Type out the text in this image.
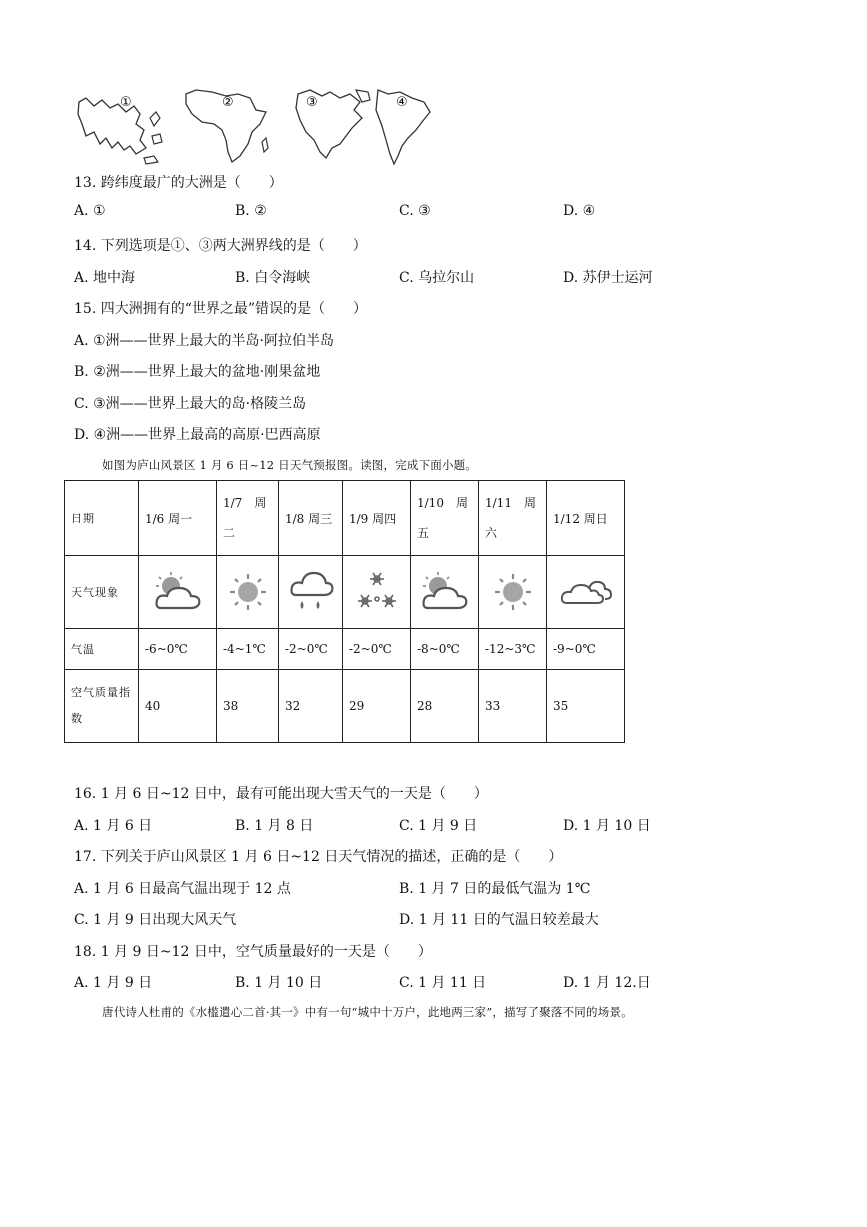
①	②	③	④
13. 跨纬度最广的大洲是（　　）
A. ①	B. ②	C. ③	D. ④
14. 下列选项是①、③两大洲界线的是（　　）
A. 地中海	B. 白令海峡	C. 乌拉尔山	D. 苏伊士运河
15. 四大洲拥有的“世界之最”错误的是（　　）
A. ①洲——世界上最大的半岛·阿拉伯半岛
B. ②洲——世界上最大的盆地·刚果盆地
C. ③洲——世界上最大的岛·格陵兰岛
D. ④洲——世界上最高的高原·巴西高原
如图为庐山风景区 1 月 6 日~12 日天气预报图。读图，完成下面小题。
日期	1/6 周一	1/7　周二	1/8 周三	1/9 周四	1/10　周五	1/11　周六	1/12 周日
天气现象	

气温	-6~0℃	-4~1℃	-2~0℃	-2~0℃	-8~0℃	-12~3℃	-9~0℃
空气质量指数	40	38	32	29	28	33	35
16. 1 月 6 日~12 日中，最有可能出现大雪天气的一天是（　　）
A. 1 月 6 日	B. 1 月 8 日	C. 1 月 9 日	D. 1 月 10 日
17. 下列关于庐山风景区 1 月 6 日~12 日天气情况的描述，正确的是（　　）
A. 1 月 6 日最高气温出现于 12 点	B. 1 月 7 日的最低气温为 1℃
C. 1 月 9 日出现大风天气	D. 1 月 11 日的气温日较差最大
18. 1 月 9 日~12 日中，空气质量最好的一天是（　　）
A. 1 月 9 日	B. 1 月 10 日	C. 1 月 11 日	D. 1 月 12.日
唐代诗人杜甫的《水槛遣心二首·其一》中有一句“城中十万户，此地两三家”，描写了聚落不同的场景。
